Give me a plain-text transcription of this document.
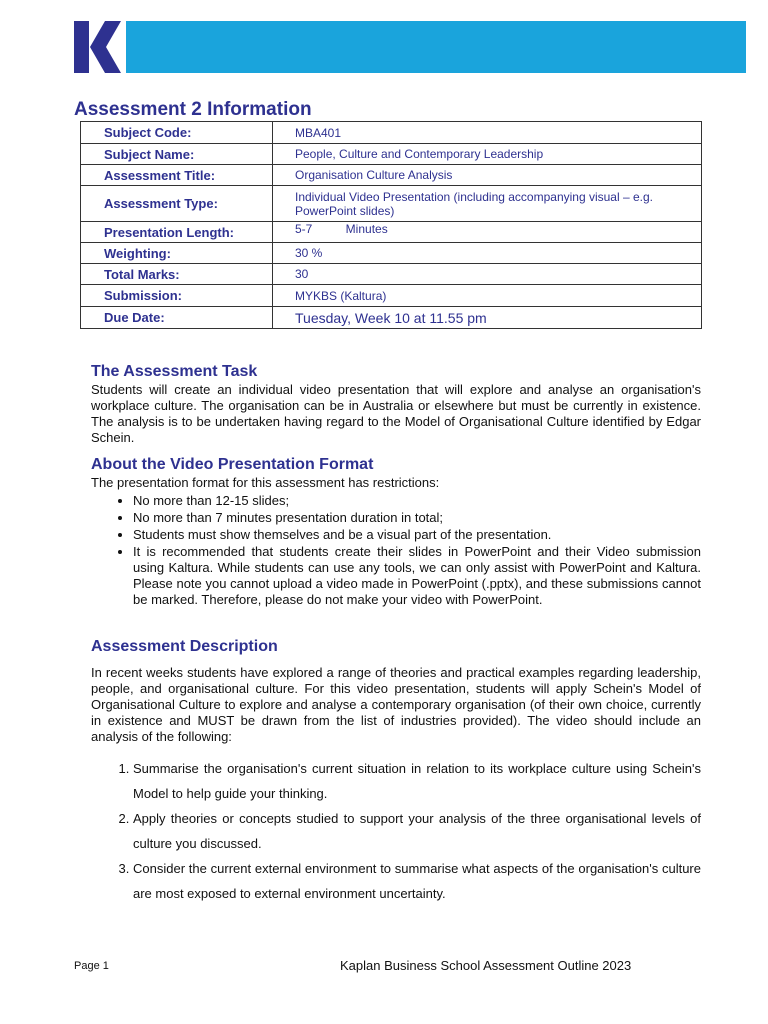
Assessment 2 Information
Subject Code:	MBA401
Subject Name:	People, Culture and Contemporary Leadership
Assessment Title:	Organisation Culture Analysis
Assessment Type:	Individual Video Presentation (including accompanying visual – e.g. PowerPoint slides)
Presentation Length:	5-7          Minutes
Weighting:	30 %
Total Marks:	30
Submission:	MYKBS (Kaltura)
Due Date:	Tuesday, Week 10 at 11.55 pm
The Assessment Task

Students will create an individual video presentation that will explore and analyse an organisation's workplace culture. The organisation can be in Australia or elsewhere but must be currently in existence. The analysis is to be undertaken having regard to the Model of Organisational Culture identified by Edgar Schein.

About the Video Presentation Format

The presentation format for this assessment has restrictions:

• No more than 12-15 slides;
• No more than 7 minutes presentation duration in total;
• Students must show themselves and be a visual part of the presentation.
• It is recommended that students create their slides in PowerPoint and their Video submission using Kaltura. While students can use any tools, we can only assist with PowerPoint and Kaltura. Please note you cannot upload a video made in PowerPoint (.pptx), and these submissions cannot be marked. Therefore, please do not make your video with PowerPoint.
Assessment Description

In recent weeks students have explored a range of theories and practical examples regarding leadership, people, and organisational culture. For this video presentation, students will apply Schein's Model of Organisational Culture to explore and analyse a contemporary organisation (of their own choice, currently in existence and MUST be drawn from the list of industries provided). The video should include an analysis of the following:

1. Summarise the organisation's current situation in relation to its workplace culture using Schein's Model to help guide your thinking.
2. Apply theories or concepts studied to support your analysis of the three organisational levels of culture you discussed.
3. Consider the current external environment to summarise what aspects of the organisation's culture are most exposed to external environment uncertainty.
Page 1	Kaplan Business School Assessment Outline 2023
